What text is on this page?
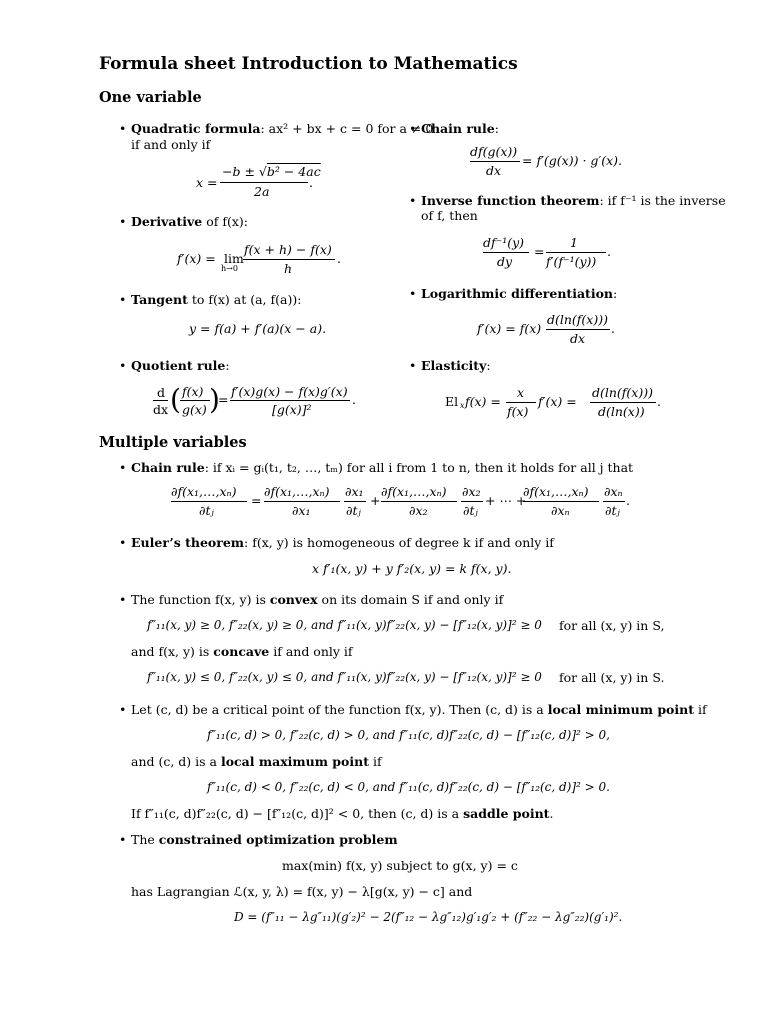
Formula sheet Introduction to Mathematics
One variable
• Quadratic formula: ax² + bx + c = 0 for a ≠ 0
if and only if
x =
−b ± √b² − 4ac
2a
.
• Derivative of f(x):
f′(x) = lim
h→0
f(x + h) − f(x)
h
.
• Tangent to f(x) at (a, f(a)):
y = f(a) + f′(a)(x − a).
• Quotient rule:
d
dx ( f(x)
g(x) )
=
f′(x)g(x) − f(x)g′(x)
[g(x)]²
.
• Chain rule:
df(g(x))
dx
= f′(g(x)) · g′(x).
• Inverse function theorem: if f⁻¹ is the inverse
of f, then
df⁻¹(y)
dy
=
1
f′(f⁻¹(y))
.
• Logarithmic differentiation:
f′(x) = f(x)
d(ln(f(x)))
dx
.
• Elasticity:
El x f(x) =
x
f(x)
f′(x) =
d(ln(f(x)))
d(ln(x))
.
Multiple variables
• Chain rule: if xᵢ = gᵢ(t₁, t₂, …, tₘ) for all i from 1 to n, then it holds for all j that
∂f(x₁,…,xₙ)
∂tⱼ
=
∂f(x₁,…,xₙ)
∂x₁
∂x₁
∂tⱼ
+
∂f(x₁,…,xₙ)
∂x₂
∂x₂
∂tⱼ
+ ⋯ +
∂f(x₁,…,xₙ)
∂xₙ
∂xₙ
∂tⱼ
.
• Euler’s theorem: f(x, y) is homogeneous of degree k if and only if
x f′₁(x, y) + y f′₂(x, y) = k f(x, y).
• The function f(x, y) is convex on its domain S if and only if
f″₁₁(x, y) ≥ 0, f″₂₂(x, y) ≥ 0, and f″₁₁(x, y)f″₂₂(x, y) − [f″₁₂(x, y)]² ≥ 0 for all (x, y) in S,
and f(x, y) is concave if and only if
f″₁₁(x, y) ≤ 0, f″₂₂(x, y) ≤ 0, and f″₁₁(x, y)f″₂₂(x, y) − [f″₁₂(x, y)]² ≥ 0 for all (x, y) in S.
• Let (c, d) be a critical point of the function f(x, y). Then (c, d) is a local minimum point if
f″₁₁(c, d) > 0, f″₂₂(c, d) > 0, and f″₁₁(c, d)f″₂₂(c, d) − [f″₁₂(c, d)]² > 0,
and (c, d) is a local maximum point if
f″₁₁(c, d) < 0, f″₂₂(c, d) < 0, and f″₁₁(c, d)f″₂₂(c, d) − [f″₁₂(c, d)]² > 0.
If f″₁₁(c, d)f″₂₂(c, d) − [f″₁₂(c, d)]² < 0, then (c, d) is a saddle point.
• The constrained optimization problem
max(min) f(x, y) subject to g(x, y) = c
has Lagrangian ℒ(x, y, λ) = f(x, y) − λ[g(x, y) − c] and
D = (f″₁₁ − λg″₁₁)(g′₂)² − 2(f″₁₂ − λg″₁₂)g′₁g′₂ + (f″₂₂ − λg″₂₂)(g′₁)².
